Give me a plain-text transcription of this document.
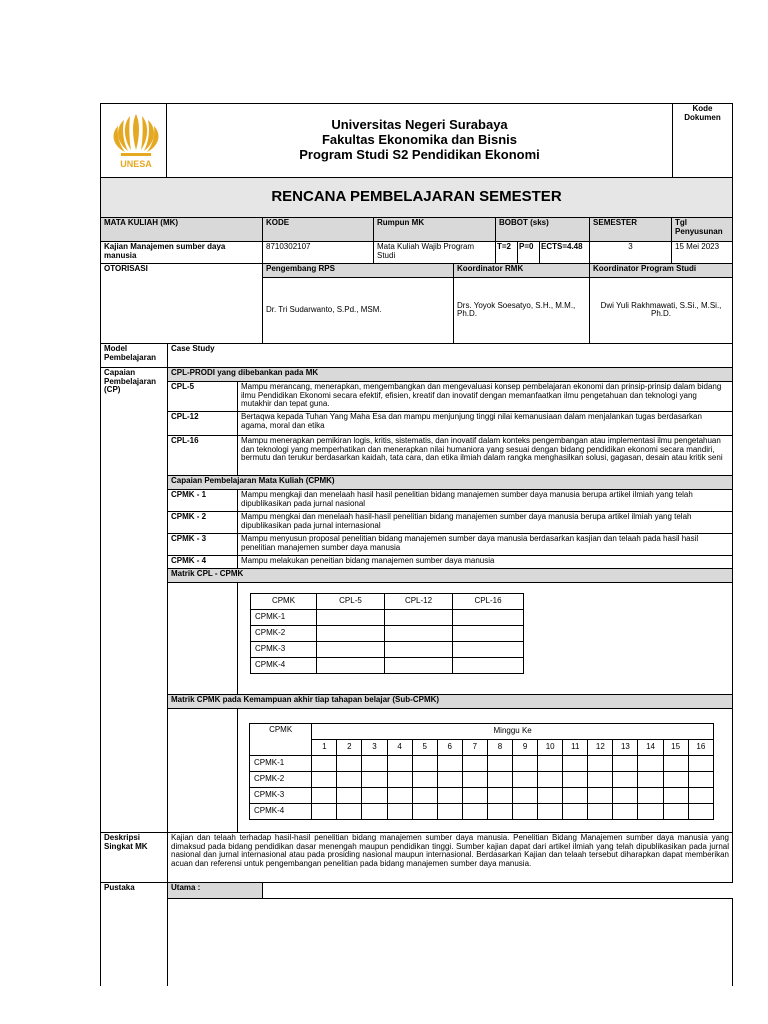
UNESA

Universitas Negeri Surabaya
Fakultas Ekonomika dan Bisnis
Program Studi S2 Pendidikan Ekonomi
	Kode Dokumen

RENCANA PEMBELAJARAN SEMESTER
MATA KULIAH (MK)	KODE	Rumpun MK	BOBOT (sks)			SEMESTER	Tgl Penyusunan
Kajian Manajemen sumber daya manusia	8710302107	Mata Kuliah Wajib Program Studi	T=2	P=0	ECTS=4.48	3	15 Mei 2023
OTORISASI	Pengembang RPS	Koordinator RMK	Koordinator Program Studi
	Dr. Tri Sudarwanto, S.Pd., MSM.	Drs. Yoyok Soesatyo, S.H., M.M., Ph.D.	Dwi Yuli Rakhmawati, S.Si., M.Si., Ph.D.
Model Pembelajaran	Case Study
Capaian Pembelajaran (CP)	CPL-PRODI yang dibebankan pada MK
CPL-5	Mampu merancang, menerapkan, mengembangkan dan mengevaluasi konsep pembelajaran ekonomi dan prinsip-prinsip dalam bidang ilmu Pendidikan Ekonomi secara efektif, efisien, kreatif dan inovatif dengan memanfaatkan ilmu pengetahuan dan teknologi yang mutakhir dan tepat guna.
CPL-12	Bertaqwa kepada Tuhan Yang Maha Esa dan mampu menjunjung tinggi nilai kemanusiaan dalam menjalankan tugas berdasarkan agama, moral dan etika
CPL-16	Mampu menerapkan pemikiran logis, kritis, sistematis, dan inovatif dalam konteks pengembangan atau implementasi ilmu pengetahuan dan teknologi yang memperhatikan dan menerapkan nilai humaniora yang sesuai dengan bidang pendidikan ekonomi secara mandiri, bermutu dan terukur berdasarkan kaidah, tata cara, dan etika ilmiah dalam rangka menghasilkan solusi, gagasan, desain atau kritik seni
Capaian Pembelajaran Mata Kuliah (CPMK)
CPMK - 1	Mampu mengkaji dan menelaah hasil hasil penelitian bidang manajemen sumber daya manusia berupa artikel ilmiah yang telah dipublikasikan pada jurnal nasional
CPMK - 2	Mampu mengkai dan menelaah hasil-hasil penelitian bidang manajemen sumber daya manusia berupa artikel ilmiah yang telah dipublikasikan pada jurnal internasional
CPMK - 3	Mampu menyusun proposal penelitian bidang manajemen sumber daya manusia berdasarkan kasjian dan telaah pada hasil hasil penelitian manajemen sumber daya manusia
CPMK - 4	Mampu melakukan peneitian bidang manajemen sumber daya manusia
Matrik CPL - CPMK

CPMK	CPL-5	CPL-12	CPL-16
CPMK-1			
CPMK-2			
CPMK-3			
CPMK-4			

Matrik CPMK pada Kemampuan akhir tiap tahapan belajar (Sub-CPMK)

CPMK	Minggu Ke
1	2	3	4	5	6	7	8	9	10	11	12	13	14	15	16
CPMK-1																
CPMK-2																
CPMK-3																
CPMK-4																
Deskripsi Singkat MK	Kajian dan telaah terhadap hasil-hasil penelitian bidang manajemen sumber daya manusia. Penelitian Bidang Manajemen sumber daya manusia yang dimaksud pada bidang pendidikan dasar menengah maupun pendidikan tinggi. Sumber kajian dapat dari artikel ilmiah yang telah dipublikasikan pada jurnal nasional dan jurnal internasional atau pada prosiding nasional maupun internasional. Berdasarkan Kajian dan telaah tersebut diharapkan dapat memberikan acuan dan referensi untuk pengembangan penelitian pada bidang manajemen sumber daya manusia.
Pustaka	Utama :	
